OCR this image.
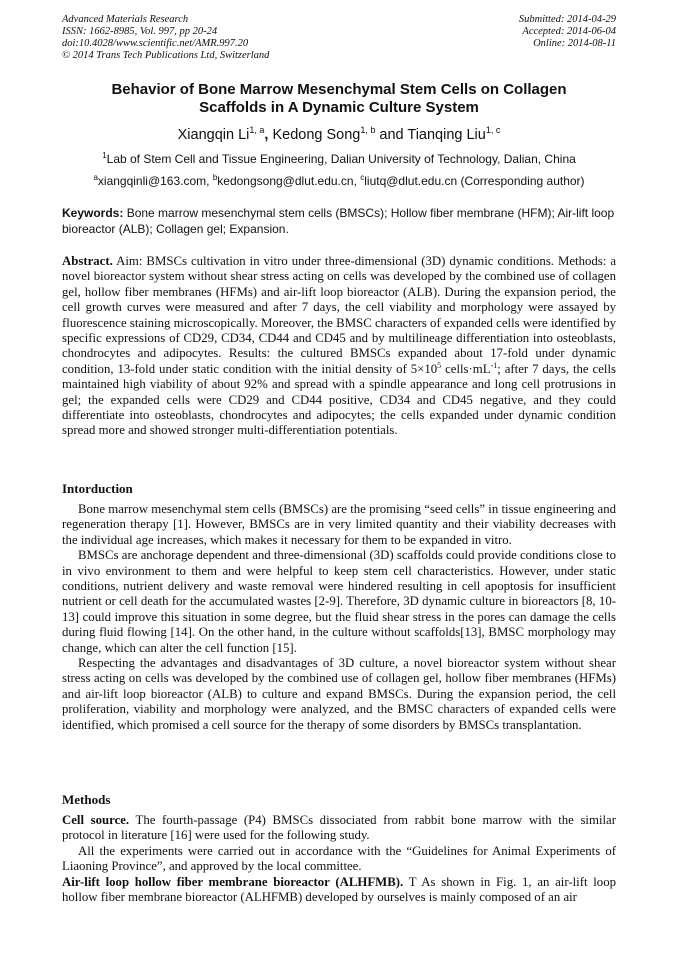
Advanced Materials Research
ISSN: 1662-8985, Vol. 997, pp 20-24
doi:10.4028/www.scientific.net/AMR.997.20
© 2014 Trans Tech Publications Ltd, Switzerland
Submitted: 2014-04-29
Accepted: 2014-06-04
Online: 2014-08-11
Behavior of Bone Marrow Mesenchymal Stem Cells on Collagen
Scaffolds in A Dynamic Culture System
Xiangqin Li$^{1, a}$, Kedong Song$^{1, b}$ and Tianqing Liu$^{1, c}$
$^1$Lab of Stem Cell and Tissue Engineering, Dalian University of Technology, Dalian, China
$^a$xiangqinli@163.com, $^b$kedongsong@dlut.edu.cn, $^c$liutq@dlut.edu.cn (Corresponding author)
Keywords: Bone marrow mesenchymal stem cells (BMSCs); Hollow fiber membrane (HFM); Air-lift loop bioreactor (ALB); Collagen gel; Expansion.

Abstract. Aim: BMSCs cultivation in vitro under three-dimensional (3D) dynamic conditions. Methods: a novel bioreactor system without shear stress acting on cells was developed by the combined use of collagen gel, hollow fiber membranes (HFMs) and air-lift loop bioreactor (ALB). During the expansion period, the cell growth curves were measured and after 7 days, the cell viability and morphology were assayed by fluorescence staining microscopically. Moreover, the BMSC characters of expanded cells were identified by specific expressions of CD29, CD34, CD44 and CD45 and by multilineage differentiation into osteoblasts, chondrocytes and adipocytes. Results: the cultured BMSCs expanded about 17-fold under dynamic condition, 13-fold under static condition with the initial density of $5\times 10^5$ $cells\cdot mL^{-1}$; after 7 days, the cells maintained high viability of about 92% and spread with a spindle appearance and long cell protrusions in gel; the expanded cells were CD29 and CD44 positive, CD34 and CD45 negative, and they could differentiate into osteoblasts, chondrocytes and adipocytes; the cells expanded under dynamic condition spread more and showed stronger multi-differentiation potentials.

Intorduction

Bone marrow mesenchymal stem cells (BMSCs) are the promising “seed cells” in tissue engineering and regeneration therapy [1]. However, BMSCs are in very limited quantity and their viability decreases with the individual age increases, which makes it necessary for them to be expanded in vitro.

BMSCs are anchorage dependent and three-dimensional (3D) scaffolds could provide conditions close to in vivo environment to them and were helpful to keep stem cell characteristics. However, under static conditions, nutrient delivery and waste removal were hindered resulting in cell apoptosis for insufficient nutrient or cell death for the accumulated wastes [2-9]. Therefore, 3D dynamic culture in bioreactors [8, 10-13] could improve this situation in some degree, but the fluid shear stress in the pores can damage the cells during fluid flowing [14]. On the other hand, in the culture without scaffolds[13], BMSC morphology may change, which can alter the cell function [15].

Respecting the advantages and disadvantages of 3D culture, a novel bioreactor system without shear stress acting on cells was developed by the combined use of collagen gel, hollow fiber membranes (HFMs) and air-lift loop bioreactor (ALB) to culture and expand BMSCs. During the expansion period, the cell proliferation, viability and morphology were analyzed, and the BMSC characters of expanded cells were identified, which promised a cell source for the therapy of some disorders by BMSCs transplantation.

Methods

Cell source. The fourth-passage (P4) BMSCs dissociated from rabbit bone marrow with the similar protocol in literature [16] were used for the following study.

All the experiments were carried out in accordance with the “Guidelines for Animal Experiments of Liaoning Province”, and approved by the local committee.

Air-lift loop hollow fiber membrane bioreactor (ALHFMB). T As shown in Fig. 1, an air-lift loop hollow fiber membrane bioreactor (ALHFMB) developed by ourselves is mainly composed of an air
